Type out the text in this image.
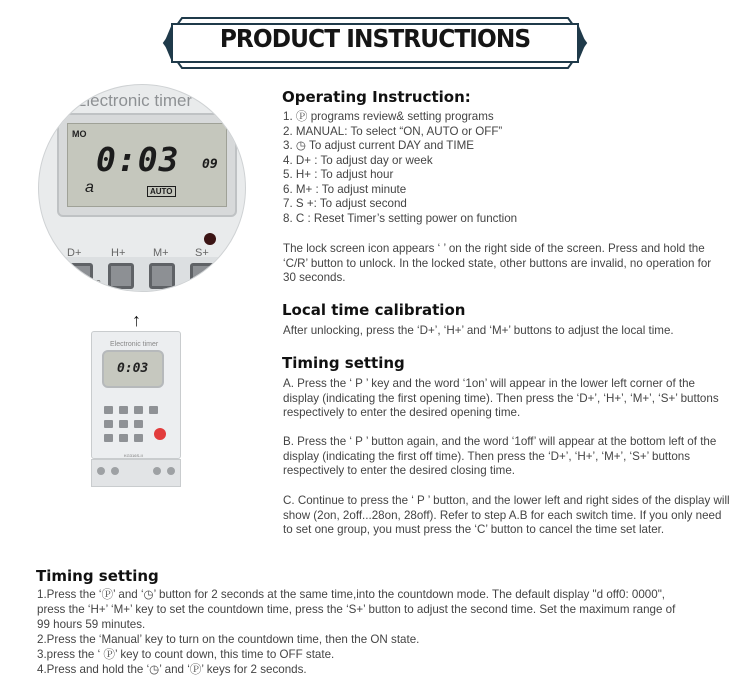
PRODUCT INSTRUCTIONS
Electronic timer
MO
0:03 09
a	AUTO
D+	H+	M+ S+
C
↑
Electronic timer
0:03
KG316S-II
Operating Instruction:
1. Ⓟ programs review& setting programs
2. MANUAL: To select “ON, AUTO or OFF”
3. ◷ To adjust current DAY and TIME
4. D+ : To adjust day or week
5. H+ : To adjust hour
6. M+ : To adjust minute
7. S +: To adjust second
8. C : Reset Timer’s setting power on function
The lock screen icon appears ‘ ’ on the right side of the screen. Press and hold the ‘C/R’ button to unlock. In the locked state, other buttons are invalid, no operation for 30 seconds.
Local time calibration
After unlocking, press the ‘D+’, ‘H+’ and ‘M+’ buttons to adjust the local time.
Timing setting
A. Press the ‘ P ’ key and the word ‘1on’ will appear in the lower left corner of the display (indicating the first opening time). Then press the ‘D+’, ‘H+’, ‘M+’, ‘S+’ buttons respectively to enter the desired opening time.
B. Press the ‘ P ’ button again, and the word ‘1off’ will appear at the bottom left of the display (indicating the first off time). Then press the ‘D+’, ‘H+’, ‘M+’, ‘S+’ buttons respectively to enter the desired closing time.
C. Continue to press the ‘ P ’ button, and the lower left and right sides of the display will show (2on, 2off...28on, 28off). Refer to step A.B for each switch time. If you only need to set one group, you must press the ‘C’ button to cancel the time set later.
Timing setting
1.Press the ‘Ⓟ’ and ‘◷’ button for 2 seconds at the same time,into the countdown mode. The default display "d off0: 0000",
press the ‘H+’ ‘M+’ key to set the countdown time, press the ‘S+’ button to adjust the second time. Set the maximum range of
99 hours 59 minutes.
2.Press the ‘Manual’ key to turn on the countdown time, then the ON state.
3.press the ‘ Ⓟ’ key to count down, this time to OFF state.
4.Press and hold the ‘◷’ and ‘Ⓟ’ keys for 2 seconds.
